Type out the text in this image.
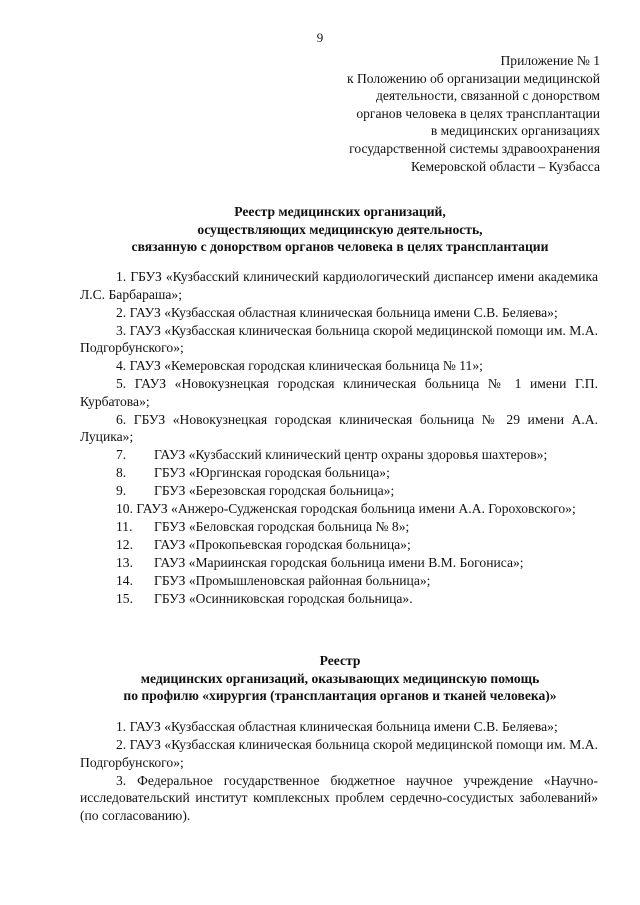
9
Приложение № 1
к Положению об организации медицинской
деятельности, связанной с донорством
органов человека в целях трансплантации
в медицинских организациях
государственной системы здравоохранения
Кемеровской области – Кузбасса
Реестр медицинских организаций,
осуществляющих медицинскую деятельность,
связанную с донорством органов человека в целях трансплантации
1. ГБУЗ «Кузбасский клинический кардиологический диспансер имени академика Л.С. Барбараша»;
2. ГАУЗ «Кузбасская областная клиническая больница имени С.В. Беляева»;
3. ГАУЗ «Кузбасская клиническая больница скорой медицинской помощи им. М.А. Подгорбунского»;
4. ГАУЗ «Кемеровская городская клиническая больница № 11»;
5. ГАУЗ «Новокузнецкая городская клиническая больница № 1 имени Г.П. Курбатова»;
6. ГБУЗ «Новокузнецкая городская клиническая больница № 29 имени А.А. Луцика»;
7.	ГАУЗ «Кузбасский клинический центр охраны здоровья шахтеров»;
8.	ГБУЗ «Юргинская городская больница»;
9.	ГБУЗ «Березовская городская больница»;
10. ГАУЗ «Анжеро-Судженская городская больница имени А.А. Гороховского»;
11.	ГБУЗ «Беловская городская больница № 8»;
12.	ГАУЗ «Прокопьевская городская больница»;
13.	ГАУЗ «Мариинская городская больница имени В.М. Богониса»;
14.	ГБУЗ «Промышленовская районная больница»;
15.	ГБУЗ «Осинниковская городская больница».
Реестр
медицинских организаций, оказывающих медицинскую помощь
по профилю «хирургия (трансплантация органов и тканей человека)»
1. ГАУЗ «Кузбасская областная клиническая больница имени С.В. Беляева»;
2. ГАУЗ «Кузбасская клиническая больница скорой медицинской помощи им. М.А. Подгорбунского»;
3. Федеральное государственное бюджетное научное учреждение «Научно-исследовательский институт комплексных проблем сердечно-сосудистых заболеваний» (по согласованию).
